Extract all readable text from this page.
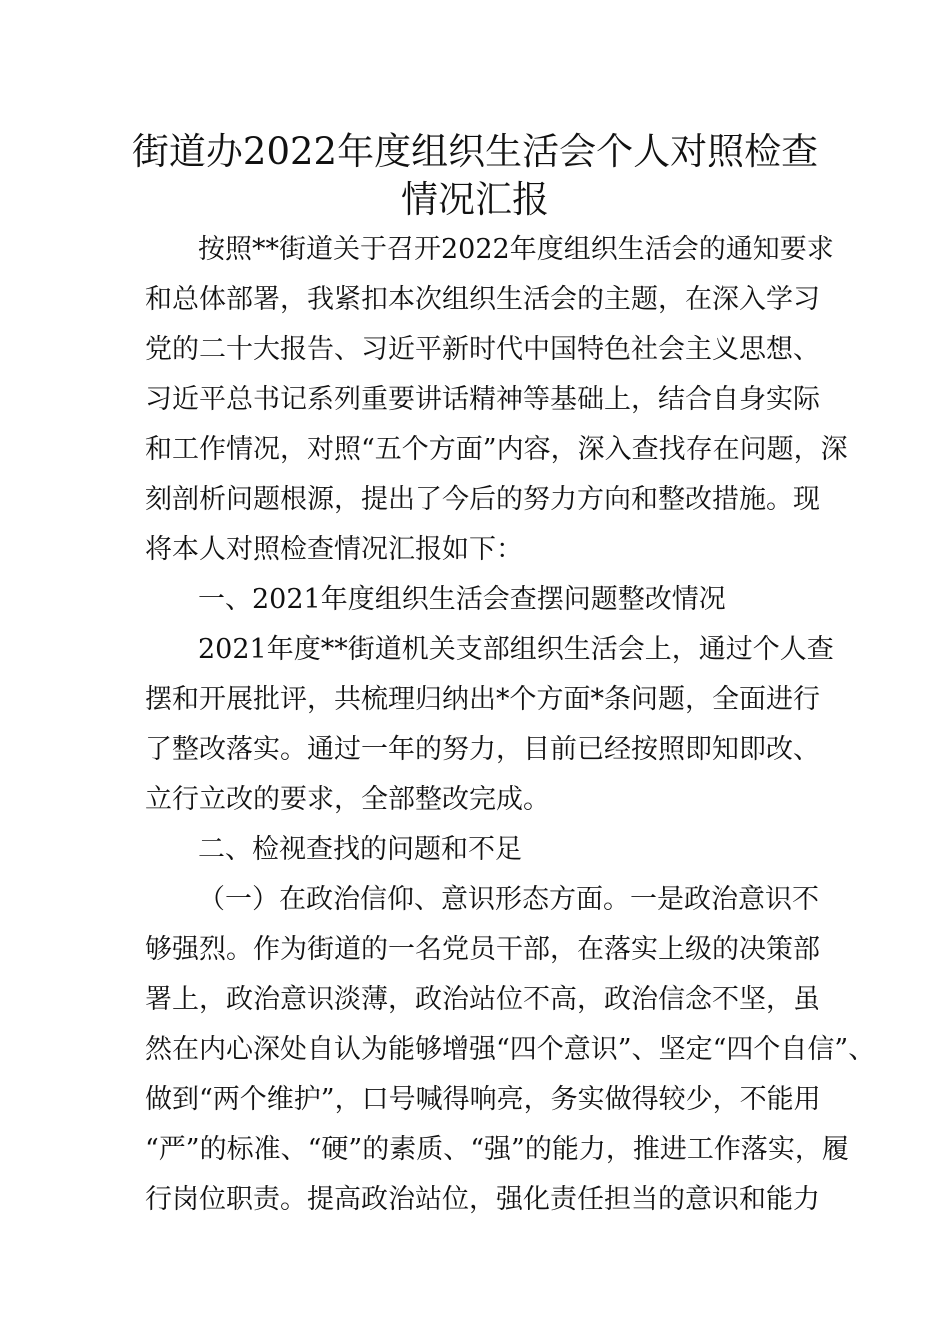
街道办2022年度组织生活会个人对照检查
情况汇报
按照**街道关于召开2022年度组织生活会的通知要求
和总体部署，我紧扣本次组织生活会的主题，在深入学习
党的二十大报告、习近平新时代中国特色社会主义思想、
习近平总书记系列重要讲话精神等基础上，结合自身实际
和工作情况，对照“五个方面”内容，深入查找存在问题，深
刻剖析问题根源，提出了今后的努力方向和整改措施。现
将本人对照检查情况汇报如下：
一、2021年度组织生活会查摆问题整改情况
2021年度**街道机关支部组织生活会上，通过个人查
摆和开展批评，共梳理归纳出*个方面*条问题，全面进行
了整改落实。通过一年的努力，目前已经按照即知即改、
立行立改的要求，全部整改完成。
二、检视查找的问题和不足
（一）在政治信仰、意识形态方面。一是政治意识不
够强烈。作为街道的一名党员干部，在落实上级的决策部
署上，政治意识淡薄，政治站位不高，政治信念不坚，虽
然在内心深处自认为能够增强“四个意识”、坚定“四个自信”、
做到“两个维护”，口号喊得响亮，务实做得较少，不能用
“严”的标准、“硬”的素质、“强”的能力，推进工作落实，履
行岗位职责。提高政治站位，强化责任担当的意识和能力
